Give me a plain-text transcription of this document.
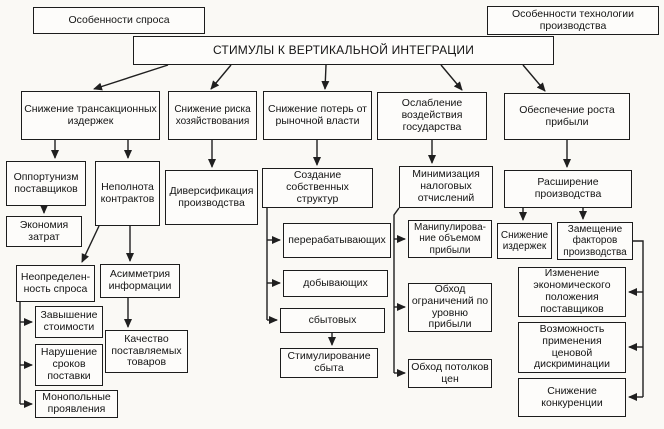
Особенности спроса	Особенности технологии производства
СТИМУЛЫ К ВЕРТИКАЛЬНОЙ ИНТЕГРАЦИИ
Снижение трансакционных издержек
Снижение риска хозяйствования
Снижение потерь от рыночной власти
Ослабление воздействия государства
Обеспечение роста прибыли
Оппортунизм поставщиков	Неполнота контрактов
Диверсификация производства
Создание собственных структур
Минимизация налоговых отчислений
Расширение производства
Экономия затрат
Неопределен- ность спроса
Асимметрия информации
Завышение стоимости
Нарушение сроков поставки
Монопольные проявления
Качество поставляемых товаров
перерабатывающих
добывающих
сбытовых
Стимулирование сбыта
Манипулирова- ние объемом прибыли
Обход ограничений по уровню прибыли
Обход потолков цен
Снижение издержек
Замещение факторов производства
Изменение экономического положения поставщиков
Возможность применения ценовой дискриминации
Снижение конкуренции
